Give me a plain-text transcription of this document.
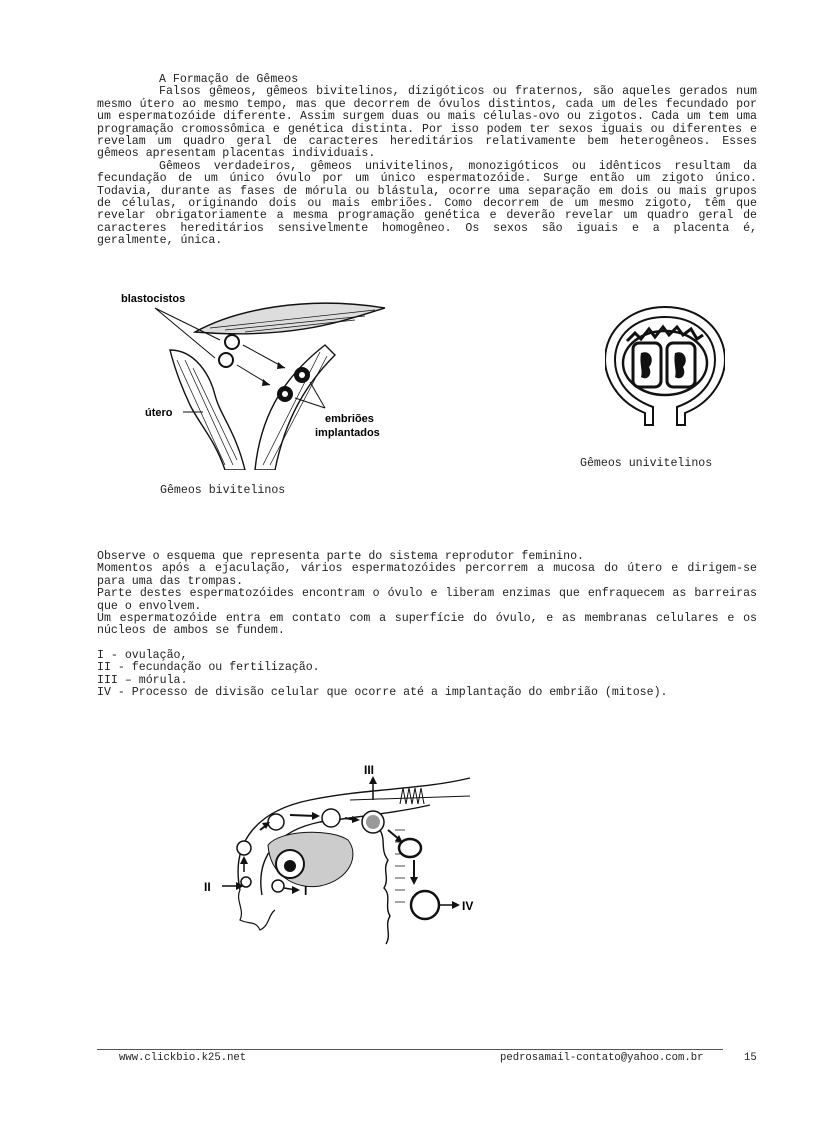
A Formação de Gêmeos

Falsos gêmeos, gêmeos bivitelinos, dizigóticos ou fraternos, são aqueles gerados num mesmo útero ao mesmo tempo, mas que decorrem de óvulos distintos, cada um deles fecundado por um espermatozóide diferente. Assim surgem duas ou mais células-ovo ou zigotos. Cada um tem uma programação cromossômica e genética distinta. Por isso podem ter sexos iguais ou diferentes e revelam um quadro geral de caracteres hereditários relativamente bem heterogêneos. Esses gêmeos apresentam placentas individuais.

Gêmeos verdadeiros, gêmeos univitelinos, monozigóticos ou idênticos resultam da fecundação de um único óvulo por um único espermatozóide. Surge então um zigoto único. Todavia, durante as fases de mórula ou blástula, ocorre uma separação em dois ou mais grupos de células, originando dois ou mais embriões. Como decorrem de um mesmo zigoto, têm que revelar obrigatoriamente a mesma programação genética e deverão revelar um quadro geral de caracteres hereditários sensivelmente homogêneo. Os sexos são iguais e a placenta é, geralmente, única.

blastocistos
útero	embriões
implantados
Gêmeos bivitelinos
Gêmeos univitelinos

Observe o esquema que representa parte do sistema reprodutor feminino.

Momentos após a ejaculação, vários espermatozóides percorrem a mucosa do útero e dirigem-se para uma das trompas.

Parte destes espermatozóides encontram o óvulo e liberam enzimas que enfraquecem as barreiras que o envolvem.

Um espermatozóide entra em contato com a superfície do óvulo, e as membranas celulares e os núcleos de ambos se fundem.

I - ovulação,
II - fecundação ou fertilização.
III – mórula.
IV - Processo de divisão celular que ocorre até a implantação do embrião (mitose).
III
II	I
IV
www.clickbio.k25.net	pedrosamail-contato@yahoo.com.br	15
